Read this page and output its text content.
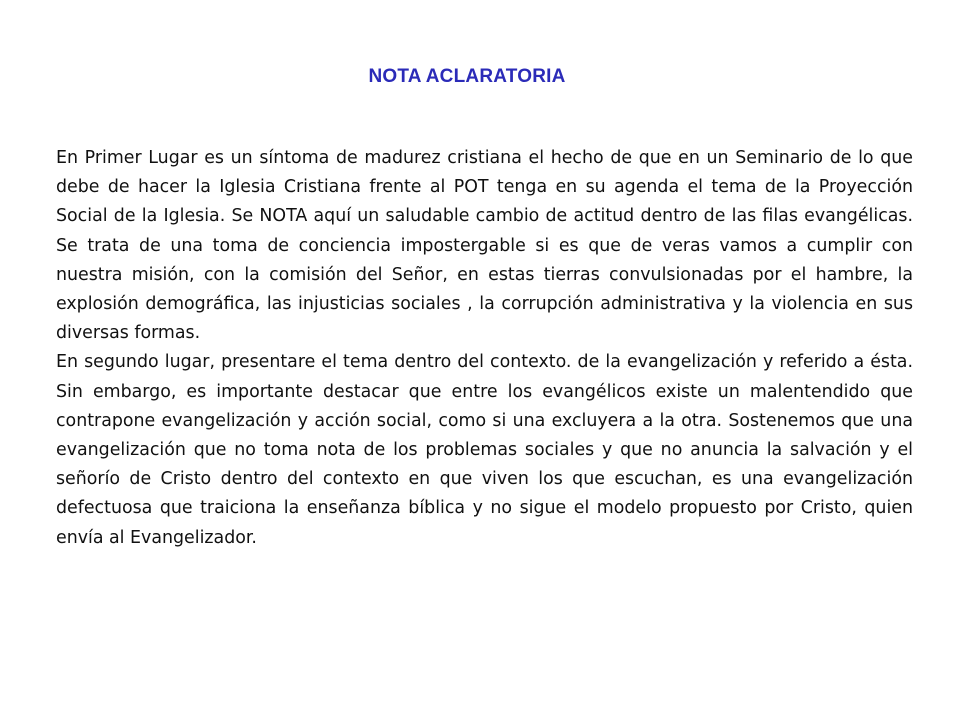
NOTA ACLARATORIA

En Primer Lugar es un síntoma de madurez cristiana el hecho de que en un Seminario de lo que debe de hacer la Iglesia Cristiana frente al POT tenga en su agenda el tema de la Proyección Social de la Iglesia. Se NOTA aquí un saludable cambio de actitud dentro de las filas evangélicas. Se trata de una toma de conciencia impostergable si es que de veras vamos a cumplir con nuestra misión, con la comisión del Señor, en estas tierras convulsionadas por el hambre, la explosión demográfica, las injusticias sociales , la corrupción administrativa y la violencia en sus diversas formas.

En segundo lugar, presentare el tema dentro del contexto. de la evangelización y referido a ésta. Sin embargo, es importante destacar que entre los evangélicos existe un malentendido que contrapone evangelización y acción social, como si una excluyera a la otra. Sostenemos que una evangelización que no toma nota de los problemas sociales y que no anuncia la salvación y el señorío de Cristo dentro del contexto en que viven los que escuchan, es una evangelización defectuosa que traiciona la enseñanza bíblica y no sigue el modelo propuesto por Cristo, quien envía al Evangelizador.
